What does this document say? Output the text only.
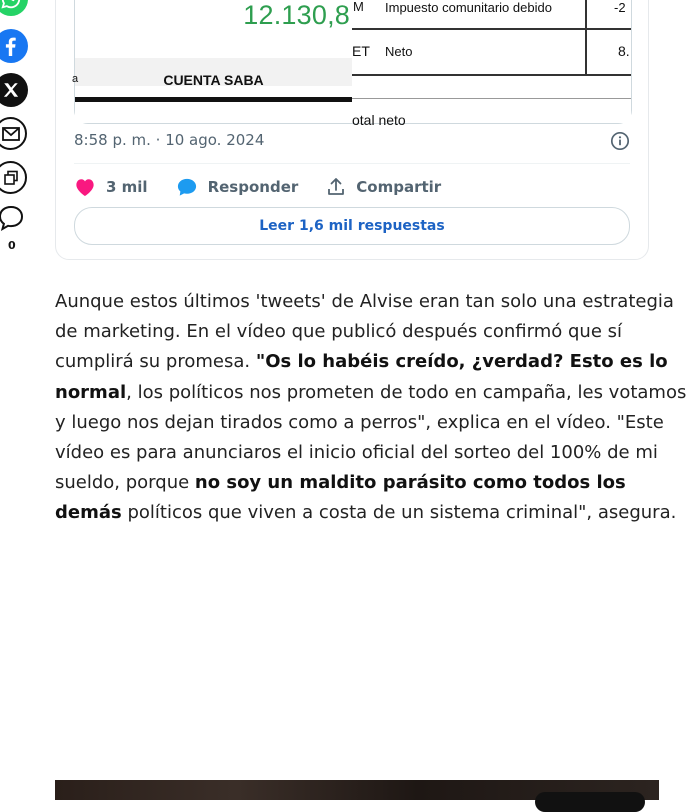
0
12.130,8
a	CUENTA SABA
M Impuesto comunitario debido	-2
ET Neto	8.
otal neto
8:58 p. m. · 10 ago. 2024
3 mil	Responder	Compartir
Leer 1,6 mil respuestas

Aunque estos últimos 'tweets' de Alvise eran tan solo una estrategia de marketing. En el vídeo que publicó después confirmó que sí cumplirá su promesa. "Os lo habéis creído, ¿verdad? Esto es lo normal, los políticos nos prometen de todo en campaña, les votamos y luego nos dejan tirados como a perros", explica en el vídeo. "Este vídeo es para anunciaros el inicio oficial del sorteo del 100% de mi sueldo, porque no soy un maldito parásito como todos los demás políticos que viven a costa de un sistema criminal", asegura.
